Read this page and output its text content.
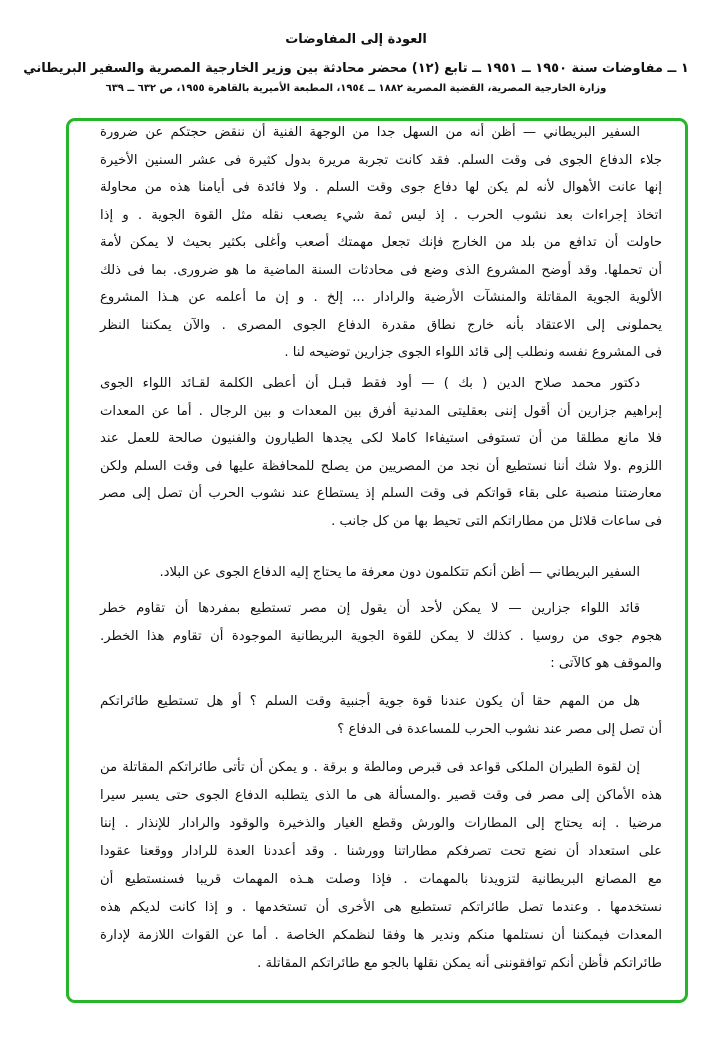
العودة إلى المفاوضات
١ ــ مفاوضات سنة ١٩٥٠ ــ ١٩٥١ ــ تابع (١٢) محضر محادثة بين وزير الخارجية المصرية والسفير البريطاني
وزارة الخارجية المصرية، القضية المصرية ١٨٨٢ ــ ١٩٥٤، المطبعة الأميرية بالقاهرة ١٩٥٥، ص ٦٣٢ ــ ٦٣٩
السفير البريطاني — أظن أنه من السهل جدا من الوجهة الفنية أن ننقض حجتكم عن ضرورة
جلاء الدفاع الجوى فى وقت السلم. فقد كانت تجربة مريرة بدول كثيرة فى عشر السنين الأخيرة
إنها عانت الأهوال لأنه لم يكن لها دفاع جوى وقت السلم . ولا فائدة فى أيامنا هذه من محاولة
اتخاذ إجراءات بعد نشوب الحرب . إذ ليس ثمة شيء يصعب نقله مثل القوة الجوية . و إذا
حاولت أن تدافع من بلد من الخارج فإنك تجعل مهمتك أصعب وأغلى بكثير بحيث لا يمكن لأمة
أن تحملها. وقد أوضح المشروع الذى وضع فى محادثات السنة الماضية ما هو ضرورى. بما فى ذلك
الألوية الجوية المقاتلة والمنشآت الأرضية والرادار ... إلخ . و إن ما أعلمه عن هـذا المشروع
يحملونى إلى الاعتقاد بأنه خارج نطاق مقدرة الدفاع الجوى المصرى . والآن يمكننا النظر
فى المشروع نفسه ونطلب إلى قائد اللواء الجوى جزارين توضيحه لنا .
دكتور محمد صلاح الدين ( بك ) — أود فقط قبـل أن أعطى الكلمة لقـائد اللواء الجوى
إبراهيم جزارين أن أقول إننى بعقليتى المدنية أفرق بين المعدات و بين الرجال . أما عن المعدات
فلا مانع مطلقا من أن تستوفى استيفاءا كاملا لكى يجدها الطيارون والفنيون صالحة للعمل عند
اللزوم .ولا شك أننا نستطيع أن نجد من المصريين من يصلح للمحافظة عليها فى وقت السلم ولكن
معارضتنا منصبة على بقاء قواتكم فى وقت السلم إذ يستطاع عند نشوب الحرب أن تصل إلى مصر
فى ساعات قلائل من مطاراتكم التى تحيط بها من كل جانب .
السفير البريطاني — أظن أنكم تتكلمون دون معرفة ما يحتاج إليه الدفاع الجوى عن البلاد.
قائد اللواء جزارين — لا يمكن لأحد أن يقول إن مصر تستطيع بمفردها أن تقاوم خطر
هجوم جوى من روسيا . كذلك لا يمكن للقوة الجوية البريطانية الموجودة أن تقاوم هذا الخطر.
والموقف هو كالآتى :
هل من المهم حقا أن يكون عندنا قوة جوية أجنبية وقت السلم ؟ أو هل تستطيع طائراتكم
أن تصل إلى مصر عند نشوب الحرب للمساعدة فى الدفاع ؟
إن لقوة الطيران الملكى قواعد فى قبرص ومالطة و برقة . و يمكن أن تأتى طائراتكم المقاتلة من
هذه الأماكن إلى مصر فى وقت قصير .والمسألة هى ما الذى يتطلبه الدفاع الجوى حتى يسير سيرا
مرضيا . إنه يحتاج إلى المطارات والورش وقطع الغيار والذخيرة والوقود والرادار للإنذار . إننا
على استعداد أن نضع تحت تصرفكم مطاراتنا وورشنا . وقد أعددنا العدة للرادار ووقعنا عقودا
مع المصانع البريطانية لتزويدنا بالمهمات . فإذا وصلت هـذه المهمات قريبا فسنستطيع أن
نستخدمها . وعندما تصل طائراتكم تستطيع هى الأخرى أن تستخدمها . و إذا كانت لديكم هذه
المعدات فيمكننا أن نستلمها منكم وندير ها وفقا لنظمكم الخاصة . أما عن القوات اللازمة لإدارة
طائراتكم فأظن أنكم توافقوننى أنه يمكن نقلها بالجو مع طائراتكم المقاتلة .
